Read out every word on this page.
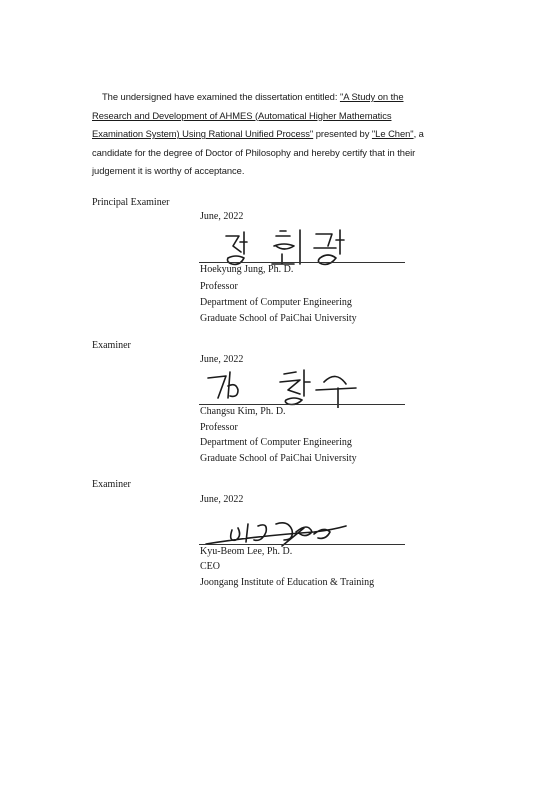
The undersigned have examined the dissertation entitled: "A Study on the Research and Development of AHMES (Automatical Higher Mathematics Examination System) Using Rational Unified Process" presented by "Le Chen", a candidate for the degree of Doctor of Philosophy and hereby certify that in their judgement it is worthy of acceptance.
Principal Examiner
June, 2022
Hoekyung Jung, Ph. D.
Professor
Department of Computer Engineering
Graduate School of PaiChai University
Examiner
June, 2022
Changsu Kim, Ph. D.
Professor
Department of Computer Engineering
Graduate School of PaiChai University
Examiner
June, 2022
Kyu-Beom Lee, Ph. D.
CEO
Joongang Institute of Education & Training
